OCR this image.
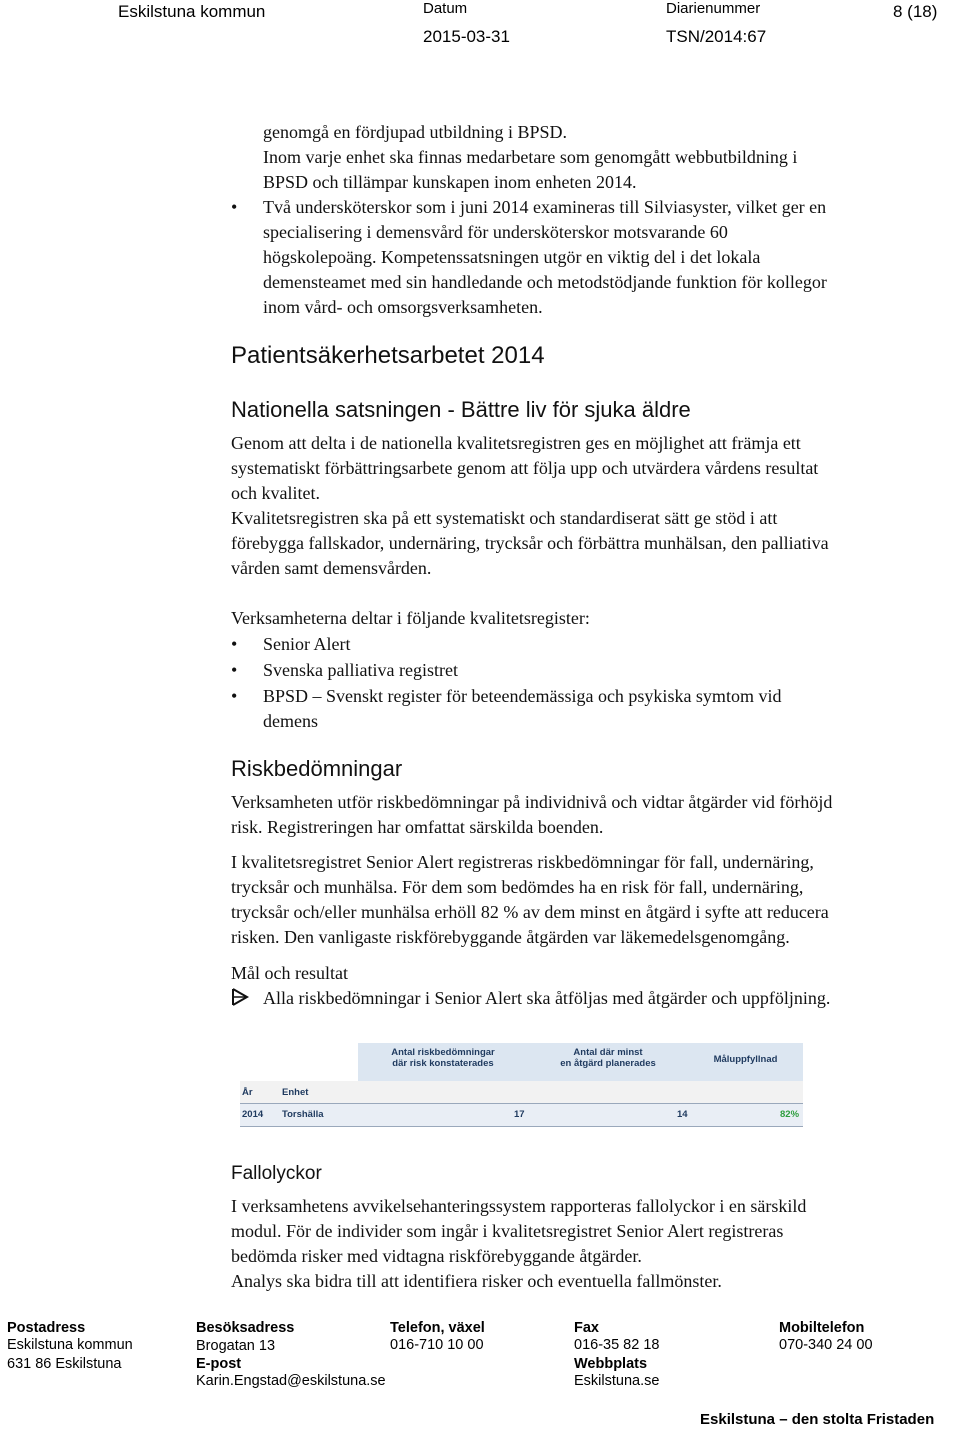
Eskilstuna kommun	Datum
2015-03-31
Diarienummer
TSN/2014:67
8 (18)
genomgå en fördjupad utbildning i BPSD.
Inom varje enhet ska finnas medarbetare som genomgått webbutbildning i
BPSD och tillämpar kunskapen inom enheten 2014.
• Två undersköterskor som i juni 2014 examineras till Silviasyster, vilket ger en
specialisering i demensvård för undersköterskor motsvarande 60
högskolepoäng. Kompetenssatsningen utgör en viktig del i det lokala
demensteamet med sin handledande och metodstödjande funktion för kollegor
inom vård- och omsorgsverksamheten.
Patientsäkerhetsarbetet 2014
Nationella satsningen - Bättre liv för sjuka äldre
Genom att delta i de nationella kvalitetsregistren ges en möjlighet att främja ett
systematiskt förbättringsarbete genom att följa upp och utvärdera vårdens resultat
och kvalitet.
Kvalitetsregistren ska på ett systematiskt och standardiserat sätt ge stöd i att
förebygga fallskador, undernäring, trycksår och förbättra munhälsan, den palliativa
vården samt demensvården.
Verksamheterna deltar i följande kvalitetsregister:
• Senior Alert
• Svenska palliativa registret
• BPSD – Svenskt register för beteendemässiga och psykiska symtom vid
demens
Riskbedömningar
Verksamheten utför riskbedömningar på individnivå och vidtar åtgärder vid förhöjd
risk. Registreringen har omfattat särskilda boenden.
I kvalitetsregistret Senior Alert registreras riskbedömningar för fall, undernäring,
trycksår och munhälsa. För dem som bedömdes ha en risk för fall, undernäring,
trycksår och/eller munhälsa erhöll 82 % av dem minst en åtgärd i syfte att reducera
risken. Den vanligaste riskförebyggande åtgärden var läkemedelsgenomgång.
Mål och resultat
Alla riskbedömningar i Senior Alert ska åtföljas med åtgärder och uppföljning.
Antal riskbedömningar
där risk konstaterades
Antal där minst
en åtgärd planerades	Måluppfyllnad
År	Enhet
2014 Torshälla	17	14	82%
Fallolyckor
I verksamhetens avvikelsehanteringssystem rapporteras fallolyckor i en särskild
modul. För de individer som ingår i kvalitetsregistret Senior Alert registreras
bedömda risker med vidtagna riskförebyggande åtgärder.
Analys ska bidra till att identifiera risker och eventuella fallmönster.
Postadress
Eskilstuna kommun
631 86 Eskilstuna
Besöksadress
Brogatan 13
E-post
Karin.Engstad@eskilstuna.se
Telefon, växel
016-710 10 00
Fax
016-35 82 18
Webbplats
Eskilstuna.se
Mobiltelefon
070-340 24 00
Eskilstuna – den stolta Fristaden
